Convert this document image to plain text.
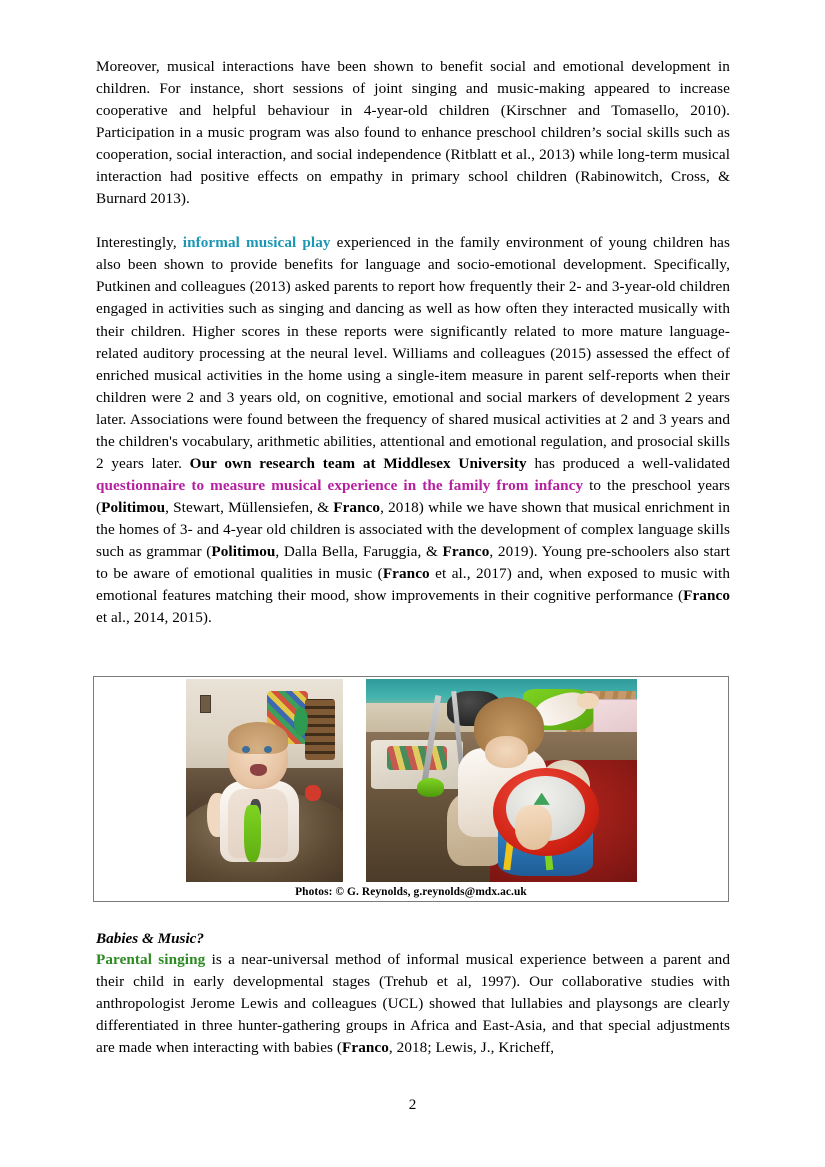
Moreover, musical interactions have been shown to benefit social and emotional development in children. For instance, short sessions of joint singing and music-making appeared to increase cooperative and helpful behaviour in 4-year-old children (Kirschner and Tomasello, 2010). Participation in a music program was also found to enhance preschool children’s social skills such as cooperation, social interaction, and social independence (Ritblatt et al., 2013) while long-term musical interaction had positive effects on empathy in primary school children (Rabinowitch, Cross, & Burnard 2013).

Interestingly, informal musical play experienced in the family environment of young children has also been shown to provide benefits for language and socio-emotional development. Specifically, Putkinen and colleagues (2013) asked parents to report how frequently their 2- and 3-year-old children engaged in activities such as singing and dancing as well as how often they interacted musically with their children. Higher scores in these reports were significantly related to more mature language-related auditory processing at the neural level. Williams and colleagues (2015) assessed the effect of enriched musical activities in the home using a single-item measure in parent self-reports when their children were 2 and 3 years old, on cognitive, emotional and social markers of development 2 years later. Associations were found between the frequency of shared musical activities at 2 and 3 years and the children's vocabulary, arithmetic abilities, attentional and emotional regulation, and prosocial skills 2 years later. Our own research team at Middlesex University has produced a well-validated questionnaire to measure musical experience in the family from infancy to the preschool years (Politimou, Stewart, Müllensiefen, & Franco, 2018) while we have shown that musical enrichment in the homes of 3- and 4-year old children is associated with the development of complex language skills such as grammar (Politimou, Dalla Bella, Faruggia, & Franco, 2019). Young pre-schoolers also start to be aware of emotional qualities in music (Franco et al., 2017) and, when exposed to music with emotional features matching their mood, show improvements in their cognitive performance (Franco et al., 2014, 2015).

Photos: © G. Reynolds, g.reynolds@mdx.ac.uk

Babies & Music?

Parental singing is a near-universal method of informal musical experience between a parent and their child in early developmental stages (Trehub et al, 1997). Our collaborative studies with anthropologist Jerome Lewis and colleagues (UCL) showed that lullabies and playsongs are clearly differentiated in three hunter-gathering groups in Africa and East-Asia, and that special adjustments are made when interacting with babies (Franco, 2018; Lewis, J., Kricheff,

2
